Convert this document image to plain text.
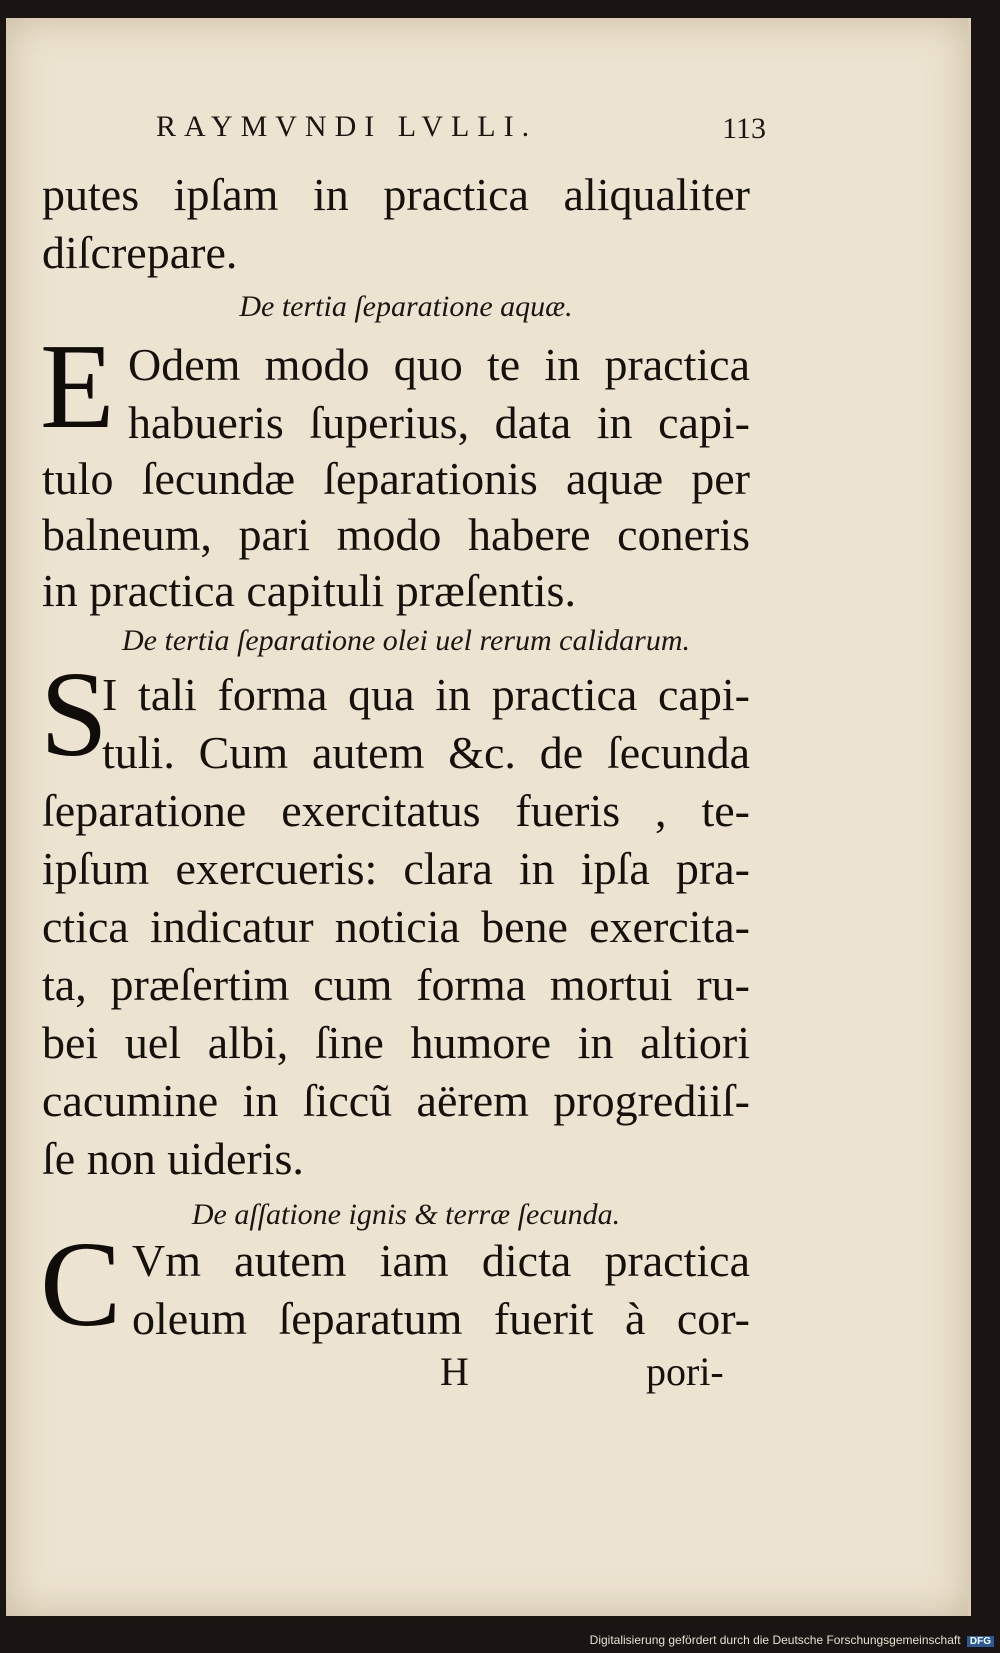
RAYMVNDI LVLLI.	113
putes ipſam in practica aliqualiter
diſcrepare.
De tertia ſeparatione aquæ.
E Odem modo quo te in practica
habueris ſuperius, data in capi-
tulo ſecundæ ſeparationis aquæ per
balneum, pari modo habere coneris
in practica capituli præſentis.
De tertia ſeparatione olei uel rerum calidarum.
S
I tali forma qua in practica capi-
tuli. Cum autem &c. de ſecunda
ſeparatione exercitatus fueris , te-
ipſum exercueris: clara in ipſa pra-
ctica indicatur noticia bene exercita-
ta, præſertim cum forma mortui ru-
bei uel albi, ſine humore in altiori
cacumine in ſiccũ aërem progrediiſ-
ſe non uideris.
De aſſatione ignis & terræ ſecunda.
C Vm autem iam dicta practica
oleum ſeparatum fuerit à cor-
H	pori-
Digitalisierung gefördert durch die Deutsche Forschungsgemeinschaft DFG
